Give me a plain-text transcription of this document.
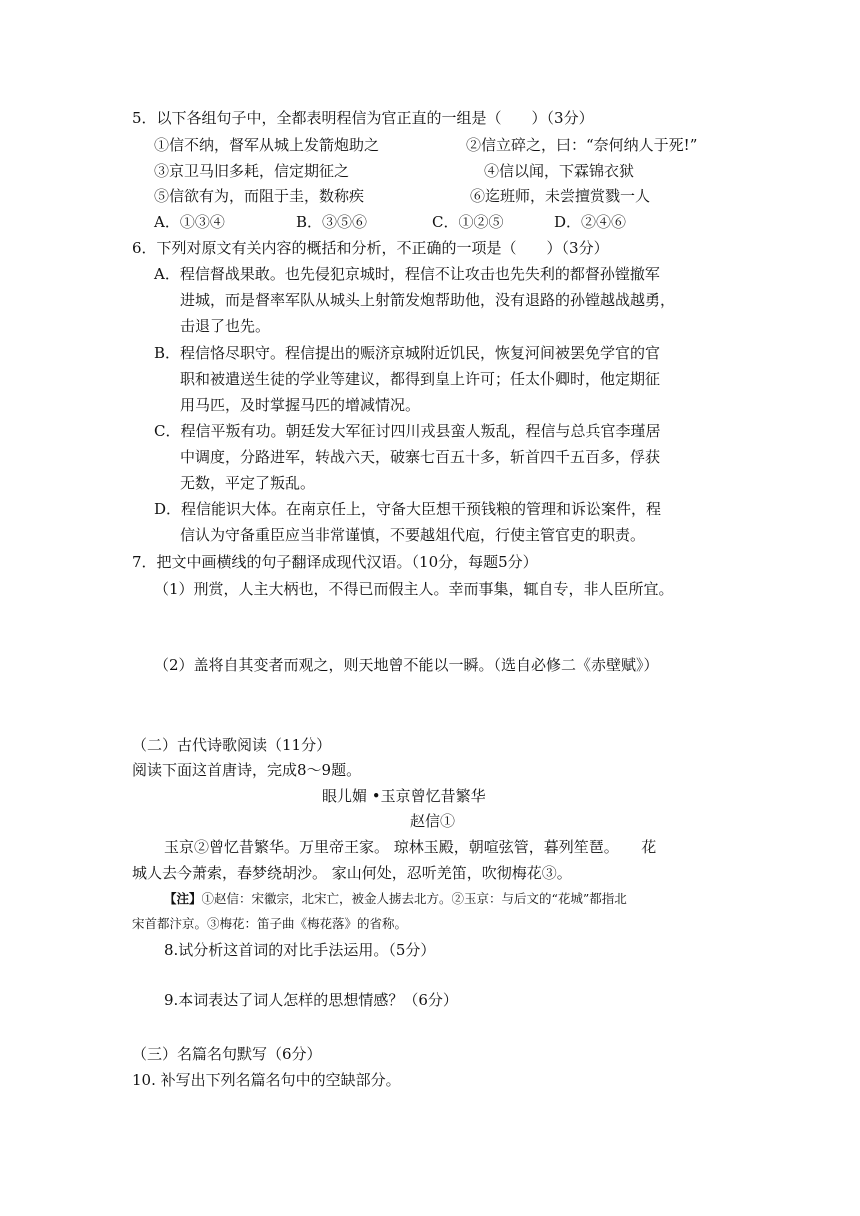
5．以下各组句子中，全都表明程信为官正直的一组是（　　）（3分）
①信不纳，督军从城上发箭炮助之	②信立碎之，曰：“奈何纳人于死!”
③京卫马旧多耗，信定期征之	④信以闻，下霖锦衣狱
⑤信欲有为，而阻于圭，数称疾	⑥迄班师，未尝擅赏戮一人
A．①③④	B．③⑤⑥	C．①②⑤	D．②④⑥
6．下列对原文有关内容的概括和分析，不正确的一项是（　　）（3分）
A．程信督战果敢。也先侵犯京城时，程信不让攻击也先失利的都督孙镗撤军
进城，而是督率军队从城头上射箭发炮帮助他，没有退路的孙镗越战越勇，
击退了也先。
B．程信恪尽职守。程信提出的赈济京城附近饥民，恢复河间被罢免学官的官
职和被遣送生徒的学业等建议，都得到皇上许可；任太仆卿时，他定期征
用马匹，及时掌握马匹的增减情况。
C．程信平叛有功。朝廷发大军征讨四川戎县蛮人叛乱，程信与总兵官李瑾居
中调度，分路进军，转战六天，破寨七百五十多，斩首四千五百多，俘获
无数，平定了叛乱。
D．程信能识大体。在南京任上，守备大臣想干预钱粮的管理和诉讼案件，程
信认为守备重臣应当非常谨慎，不要越俎代庖，行使主管官吏的职责。
7．把文中画横线的句子翻译成现代汉语。（10分，每题5分）
（1）刑赏，人主大柄也，不得已而假主人。幸而事集，辄自专，非人臣所宜。
（2）盖将自其变者而观之，则天地曾不能以一瞬。（选自必修二《赤壁赋》）
（二）古代诗歌阅读（11分）
阅读下面这首唐诗，完成8～9题。
眼儿媚 •玉京曾忆昔繁华
赵信①
玉京②曾忆昔繁华。万里帝王家。 琼林玉殿，朝喧弦管，暮列笙琶。　　花
城人去今萧索，春梦绕胡沙。 家山何处，忍听羌笛，吹彻梅花③。
【注】①赵信：宋徽宗，北宋亡，被金人掳去北方。②玉京：与后文的“花城”都指北
宋首都汴京。③梅花：笛子曲《梅花落》的省称。
8.试分析这首词的对比手法运用。（5分）
9.本词表达了词人怎样的思想情感？（6分）
（三）名篇名句默写（6分）
10. 补写出下列名篇名句中的空缺部分。
